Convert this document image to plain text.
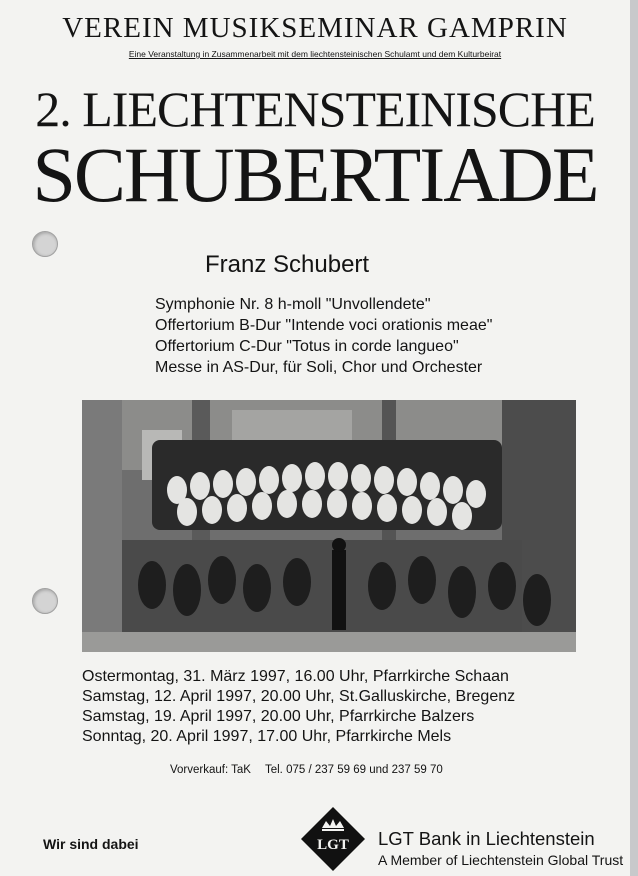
VEREIN MUSIKSEMINAR GAMPRIN
Eine Veranstaltung in Zusammenarbeit mit dem liechtensteinischen Schulamt und dem Kulturbeirat
2. LIECHTENSTEINISCHE
SCHUBERTIADE
Franz Schubert
Symphonie Nr. 8 h-moll "Unvollendete"
Offertorium B-Dur "Intende voci orationis meae"
Offertorium C-Dur "Totus in corde langueo"
Messe in AS-Dur, für Soli, Chor und Orchester
Ostermontag, 31. März 1997, 16.00 Uhr, Pfarrkirche Schaan
Samstag, 12. April 1997, 20.00 Uhr, St.Galluskirche, Bregenz
Samstag, 19. April 1997, 20.00 Uhr, Pfarrkirche Balzers
Sonntag, 20. April 1997, 17.00 Uhr, Pfarrkirche Mels
Vorverkauf: TaK Tel. 075 / 237 59 69 und 237 59 70
Wir sind dabei	LGT LGT Bank in Liechtenstein
A Member of Liechtenstein Global Trust
